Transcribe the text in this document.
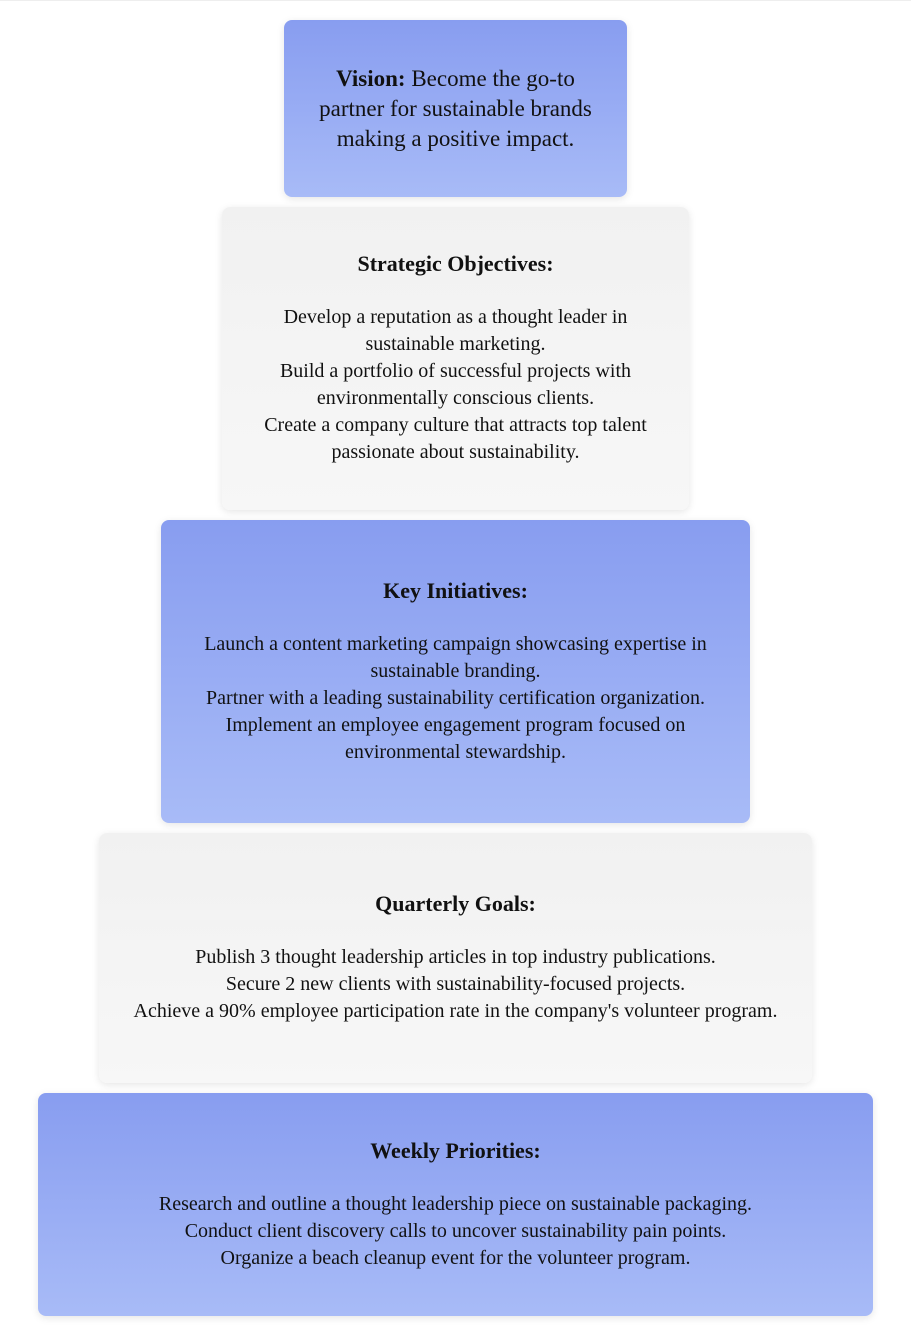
Vision: Become the go-to partner for sustainable brands making a positive impact.

Strategic Objectives:
Develop a reputation as a thought leader in sustainable marketing.
Build a portfolio of successful projects with environmentally conscious clients.
Create a company culture that attracts top talent passionate about sustainability.
Key Initiatives:
Launch a content marketing campaign showcasing expertise in sustainable branding.
Partner with a leading sustainability certification organization.
Implement an employee engagement program focused on environmental stewardship.
Quarterly Goals:
Publish 3 thought leadership articles in top industry publications.
Secure 2 new clients with sustainability-focused projects.
Achieve a 90% employee participation rate in the company's volunteer program.
Weekly Priorities:
Research and outline a thought leadership piece on sustainable packaging.
Conduct client discovery calls to uncover sustainability pain points.
Organize a beach cleanup event for the volunteer program.
